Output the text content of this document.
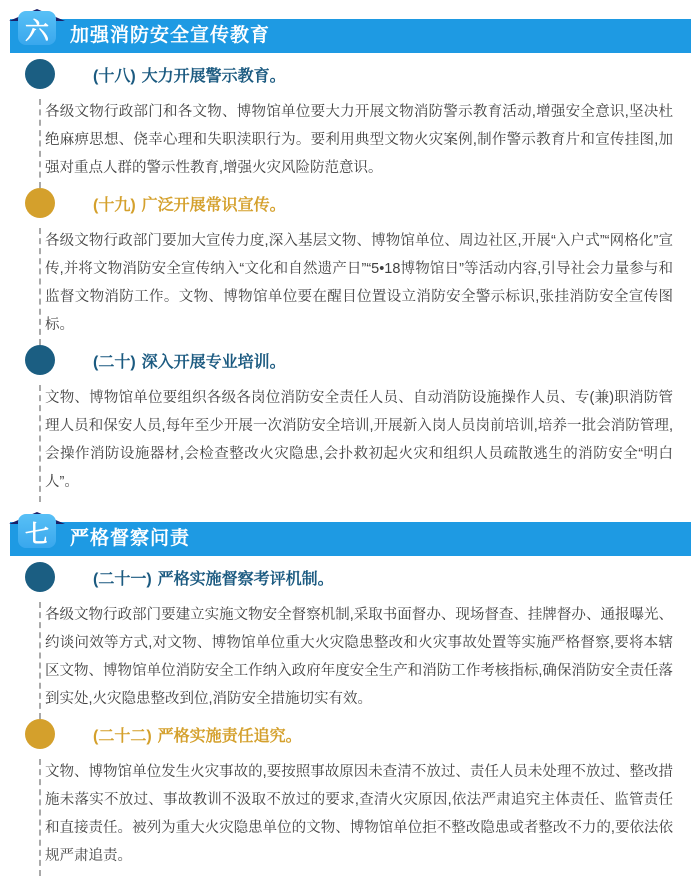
六	加强消防安全宣传教育
(十八) 大力开展警示教育。
各级文物行政部门和各文物、博物馆单位要大力开展文物消防警示教育活动,增强安全意识,坚决杜绝麻痹思想、侥幸心理和失职渎职行为。要利用典型文物火灾案例,制作警示教育片和宣传挂图,加强对重点人群的警示性教育,增强火灾风险防范意识。
(十九) 广泛开展常识宣传。
各级文物行政部门要加大宣传力度,深入基层文物、博物馆单位、周边社区,开展“入户式”“网格化”宣传,并将文物消防安全宣传纳入“文化和自然遗产日”“5•18博物馆日”等活动内容,引导社会力量参与和监督文物消防工作。文物、博物馆单位要在醒目位置设立消防安全警示标识,张挂消防安全宣传图标。
(二十) 深入开展专业培训。
文物、博物馆单位要组织各级各岗位消防安全责任人员、自动消防设施操作人员、专(兼)职消防管理人员和保安人员,每年至少开展一次消防安全培训,开展新入岗人员岗前培训,培养一批会消防管理,会操作消防设施器材,会检查整改火灾隐患,会扑救初起火灾和组织人员疏散逃生的消防安全“明白人”。
七	严格督察问责
(二十一) 严格实施督察考评机制。
各级文物行政部门要建立实施文物安全督察机制,采取书面督办、现场督查、挂牌督办、通报曝光、约谈问效等方式,对文物、博物馆单位重大火灾隐患整改和火灾事故处置等实施严格督察,要将本辖区文物、博物馆单位消防安全工作纳入政府年度安全生产和消防工作考核指标,确保消防安全责任落到实处,火灾隐患整改到位,消防安全措施切实有效。
(二十二) 严格实施责任追究。
文物、博物馆单位发生火灾事故的,要按照事故原因未查清不放过、责任人员未处理不放过、整改措施未落实不放过、事故教训不汲取不放过的要求,查清火灾原因,依法严肃追究主体责任、监管责任和直接责任。被列为重大火灾隐患单位的文物、博物馆单位拒不整改隐患或者整改不力的,要依法依规严肃追责。
